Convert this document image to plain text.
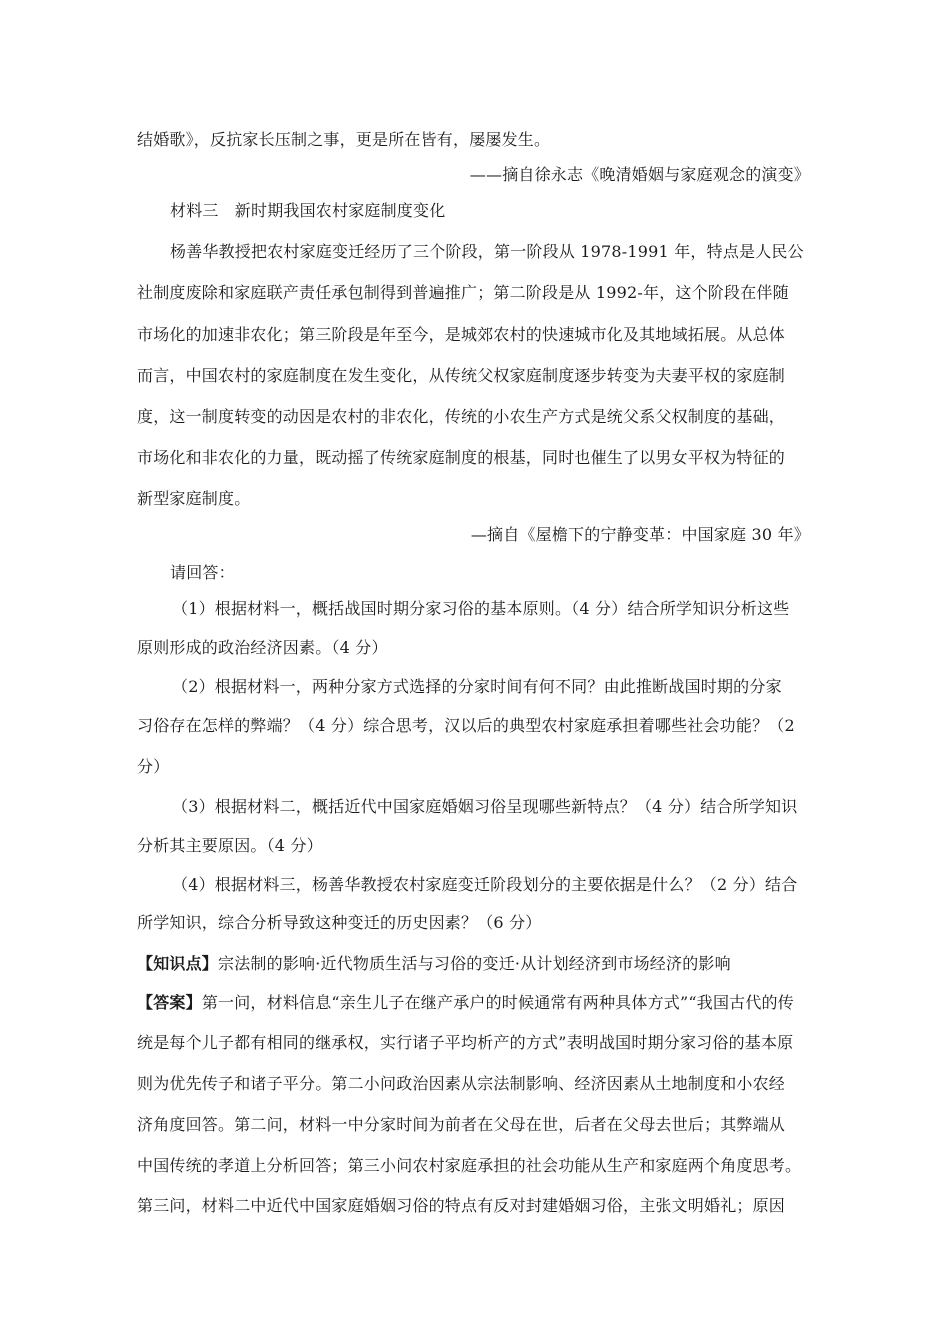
结婚歌》，反抗家长压制之事，更是所在皆有，屡屡发生。
——摘自徐永志《晚清婚姻与家庭观念的演变》
材料三　新时期我国农村家庭制度变化
杨善华教授把农村家庭变迁经历了三个阶段，第一阶段从 1978-1991 年，特点是人民公
社制度废除和家庭联产责任承包制得到普遍推广；第二阶段是从 1992-年，这个阶段在伴随
市场化的加速非农化；第三阶段是年至今，是城郊农村的快速城市化及其地域拓展。从总体
而言，中国农村的家庭制度在发生变化，从传统父权家庭制度逐步转变为夫妻平权的家庭制
度，这一制度转变的动因是农村的非农化，传统的小农生产方式是统父系父权制度的基础，
市场化和非农化的力量，既动摇了传统家庭制度的根基，同时也催生了以男女平权为特征的
新型家庭制度。
—摘自《屋檐下的宁静变革：中国家庭 30 年》
请回答：
（1）根据材料一，概括战国时期分家习俗的基本原则。（4 分）结合所学知识分析这些
原则形成的政治经济因素。（4 分）
（2）根据材料一，两种分家方式选择的分家时间有何不同？由此推断战国时期的分家
习俗存在怎样的弊端？（4 分）综合思考，汉以后的典型农村家庭承担着哪些社会功能？（2
分）
（3）根据材料二，概括近代中国家庭婚姻习俗呈现哪些新特点？（4 分）结合所学知识
分析其主要原因。（4 分）
（4）根据材料三，杨善华教授农村家庭变迁阶段划分的主要依据是什么？（2 分）结合
所学知识，综合分析导致这种变迁的历史因素？（6 分）
【知识点】宗法制的影响·近代物质生活与习俗的变迁·从计划经济到市场经济的影响
【答案】第一问，材料信息“亲生儿子在继产承户的时候通常有两种具体方式”“我国古代的传
统是每个儿子都有相同的继承权，实行诸子平均析产的方式”表明战国时期分家习俗的基本原
则为优先传子和诸子平分。第二小问政治因素从宗法制影响、经济因素从土地制度和小农经
济角度回答。第二问，材料一中分家时间为前者在父母在世，后者在父母去世后；其弊端从
中国传统的孝道上分析回答；第三小问农村家庭承担的社会功能从生产和家庭两个角度思考。
第三问，材料二中近代中国家庭婚姻习俗的特点有反对封建婚姻习俗，主张文明婚礼；原因
